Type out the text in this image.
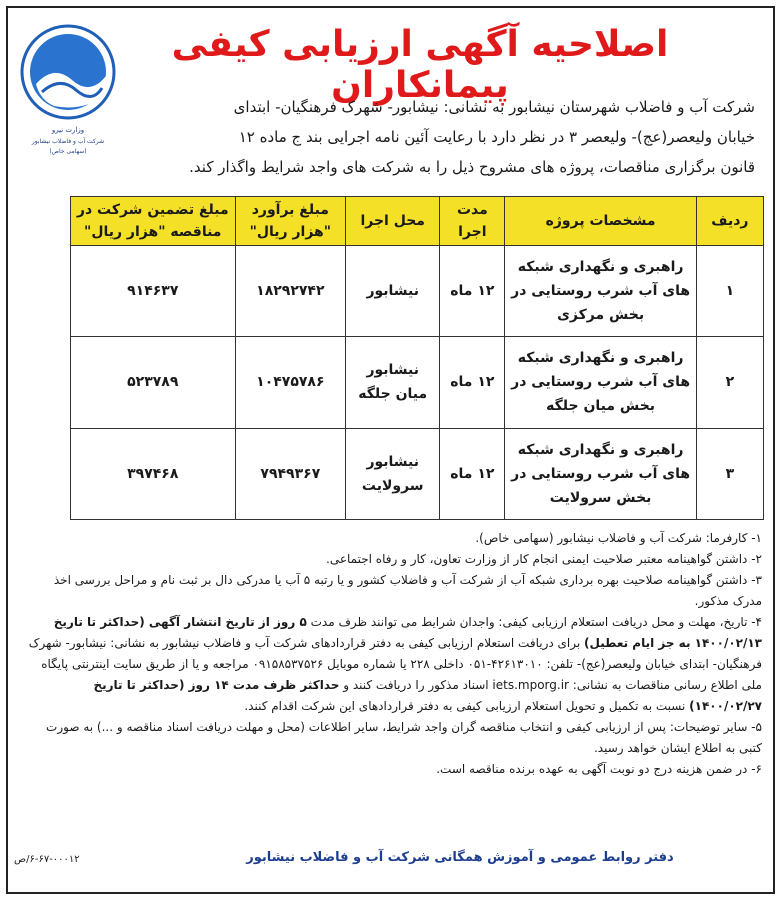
وزارت نیرو
شرکت آب و فاضلاب نیشابور
(سهامی خاص)
اصلاحیه آگهی ارزیابی کیفی پیمانکاران
شرکت آب و فاضلاب شهرستان نیشابور به نشانی: نیشابور- شهرک فرهنگیان- ابتدای
خیابان ولیعصر(عج)- ولیعصر ۳ در نظر دارد با رعایت آئین نامه اجرایی بند ج ماده ۱۲
قانون برگزاری مناقصات، پروژه های مشروح ذیل را به شرکت های واجد شرایط واگذار کند.
ردیف	مشخصات پروژه	مدت اجرا	محل اجرا	مبلغ برآورد "هزار ریال"	مبلغ تضمین شرکت در مناقصه "هزار ریال"
۱	راهبری و نگهداری شبکه های آب شرب روستایی در بخش مرکزی	۱۲ ماه	نیشابور	۱۸۲۹۲۷۴۲	۹۱۴۶۳۷
۲	راهبری و نگهداری شبکه های آب شرب روستایی در بخش میان جلگه	۱۲ ماه	نیشابور میان جلگه	۱۰۴۷۵۷۸۶	۵۲۳۷۸۹
۳	راهبری و نگهداری شبکه های آب شرب روستایی در بخش سرولایت	۱۲ ماه	نیشابور سرولایت	۷۹۴۹۳۶۷	۳۹۷۴۶۸

۱- کارفرما: شرکت آب و فاضلاب نیشابور (سهامی خاص).

۲- داشتن گواهینامه معتبر صلاحیت ایمنی انجام کار از وزارت تعاون، کار و رفاه اجتماعی.

۳- داشتن گواهینامه صلاحیت بهره برداری شبکه آب از شرکت آب و فاضلاب کشور و یا رتبه ۵ آب یا مدرکی دال بر ثبت نام و مراحل بررسی اخذ مدرک مذکور.

۴- تاریخ، مهلت و محل دریافت استعلام ارزیابی کیفی: واجدان شرایط می توانند ظرف مدت ۵ روز از تاریخ انتشار آگهی (حداکثر تا تاریخ ۱۴۰۰/۰۲/۱۳ به جز ایام تعطیل) برای دریافت استعلام ارزیابی کیفی به دفتر قراردادهای شرکت آب و فاضلاب نیشابور به نشانی: نیشابور- شهرک فرهنگیان- ابتدای خیابان ولیعصر(عج)- تلفن: ۴۲۶۱۳۰۱۰-۰۵۱ داخلی ۲۲۸ یا شماره موبایل ۰۹۱۵۸۵۳۷۵۲۶ مراجعه و یا از طریق سایت اینترنتی پایگاه ملی اطلاع رسانی مناقصات به نشانی: iets.mporg.ir اسناد مذکور را دریافت کنند و حداکثر ظرف مدت ۱۴ روز (حداکثر تا تاریخ ۱۴۰۰/۰۲/۲۷) نسبت به تکمیل و تحویل استعلام ارزیابی کیفی به دفتر قراردادهای این شرکت اقدام کنند.

۵- سایر توضیحات: پس از ارزیابی کیفی و انتخاب مناقصه گران واجد شرایط، سایر اطلاعات (محل و مهلت دریافت اسناد مناقصه و ...) به صورت کتبی به اطلاع ایشان خواهد رسید.

۶- در ضمن هزینه درج دو نوبت آگهی به عهده برنده مناقصه است.

دفتر روابط عمومی و آموزش همگانی شرکت آب و فاضلاب نیشابور
۶-۶۷-۰۰۰۱۲/ص
